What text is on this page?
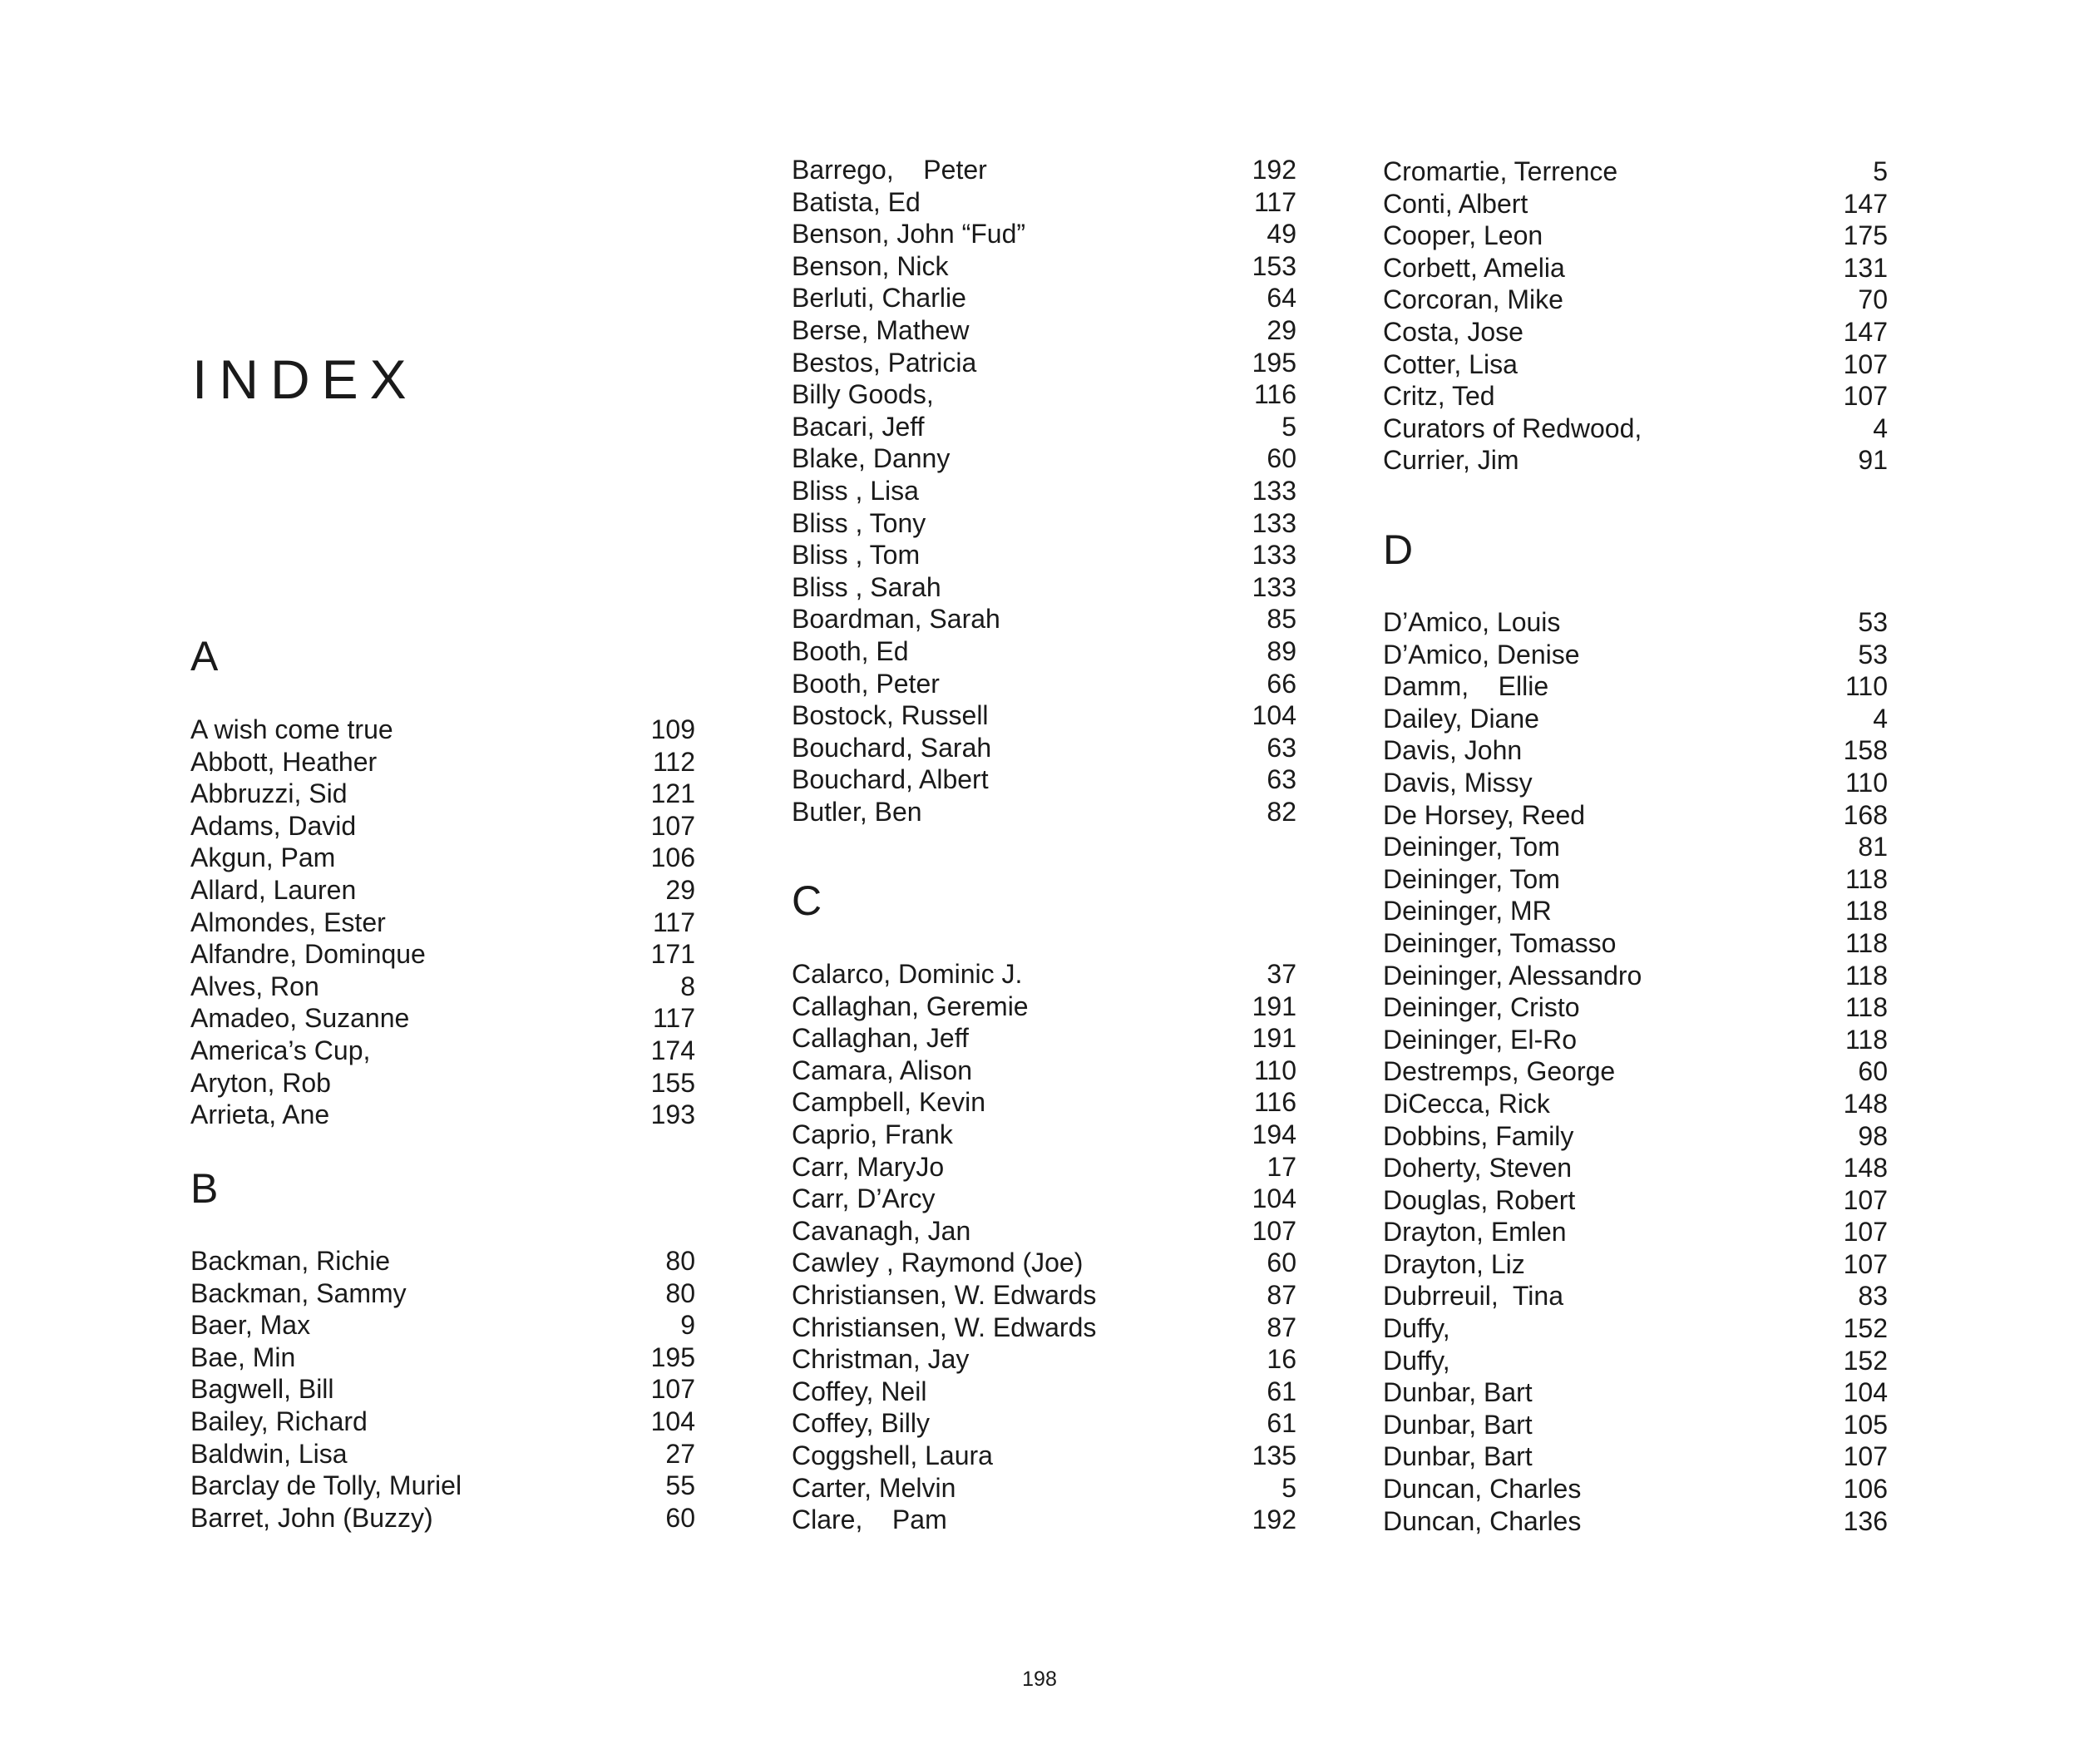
INDEX
A
A wish come true	109
Abbott, Heather	112
Abbruzzi, Sid	121
Adams, David	107
Akgun, Pam	106
Allard, Lauren	29
Almondes, Ester	117
Alfandre, Dominque	171
Alves, Ron	8
Amadeo, Suzanne	117
America’s Cup,	174
Aryton, Rob	155
Arrieta, Ane	193
B
Backman, Richie	80
Backman, Sammy	80
Baer, Max	9
Bae, Min	195
Bagwell, Bill	107
Bailey, Richard	104
Baldwin, Lisa	27
Barclay de Tolly, Muriel	55
Barret, John (Buzzy)	60
Barrego,    Peter	192
Batista, Ed	117
Benson, John “Fud”	49
Benson, Nick	153
Berluti, Charlie	64
Berse, Mathew	29
Bestos, Patricia	195
Billy Goods,	116
Bacari, Jeff	5
Blake, Danny	60
Bliss , Lisa	133
Bliss , Tony	133
Bliss , Tom	133
Bliss , Sarah	133
Boardman, Sarah	85
Booth, Ed	89
Booth, Peter	66
Bostock, Russell	104
Bouchard, Sarah	63
Bouchard, Albert	63
Butler, Ben	82
C
Calarco, Dominic J.	37
Callaghan, Geremie	191
Callaghan, Jeff	191
Camara, Alison	110
Campbell, Kevin	116
Caprio, Frank	194
Carr, MaryJo	17
Carr, D’Arcy	104
Cavanagh, Jan	107
Cawley , Raymond (Joe)	60
Christiansen, W. Edwards	87
Christiansen, W. Edwards	87
Christman, Jay	16
Coffey, Neil	61
Coffey, Billy	61
Coggshell, Laura	135
Carter, Melvin	5
Clare,    Pam	192
Cromartie, Terrence	5
Conti, Albert	147
Cooper, Leon	175
Corbett, Amelia	131
Corcoran, Mike	70
Costa, Jose	147
Cotter, Lisa	107
Critz, Ted	107
Curators of Redwood,	4
Currier, Jim	91
D
D’Amico, Louis	53
D’Amico, Denise	53
Damm,    Ellie	110
Dailey, Diane	4
Davis, John	158
Davis, Missy	110
De Horsey, Reed	168
Deininger, Tom	81
Deininger, Tom	118
Deininger, MR	118
Deininger, Tomasso	118
Deininger, Alessandro	118
Deininger, Cristo	118
Deininger, El-Ro	118
Destremps, George	60
DiCecca, Rick	148
Dobbins, Family	98
Doherty, Steven	148
Douglas, Robert	107
Drayton, Emlen	107
Drayton, Liz	107
Dubrreuil,  Tina	83
Duffy,	152
Duffy,	152
Dunbar, Bart	104
Dunbar, Bart	105
Dunbar, Bart	107
Duncan, Charles	106
Duncan, Charles	136
198
